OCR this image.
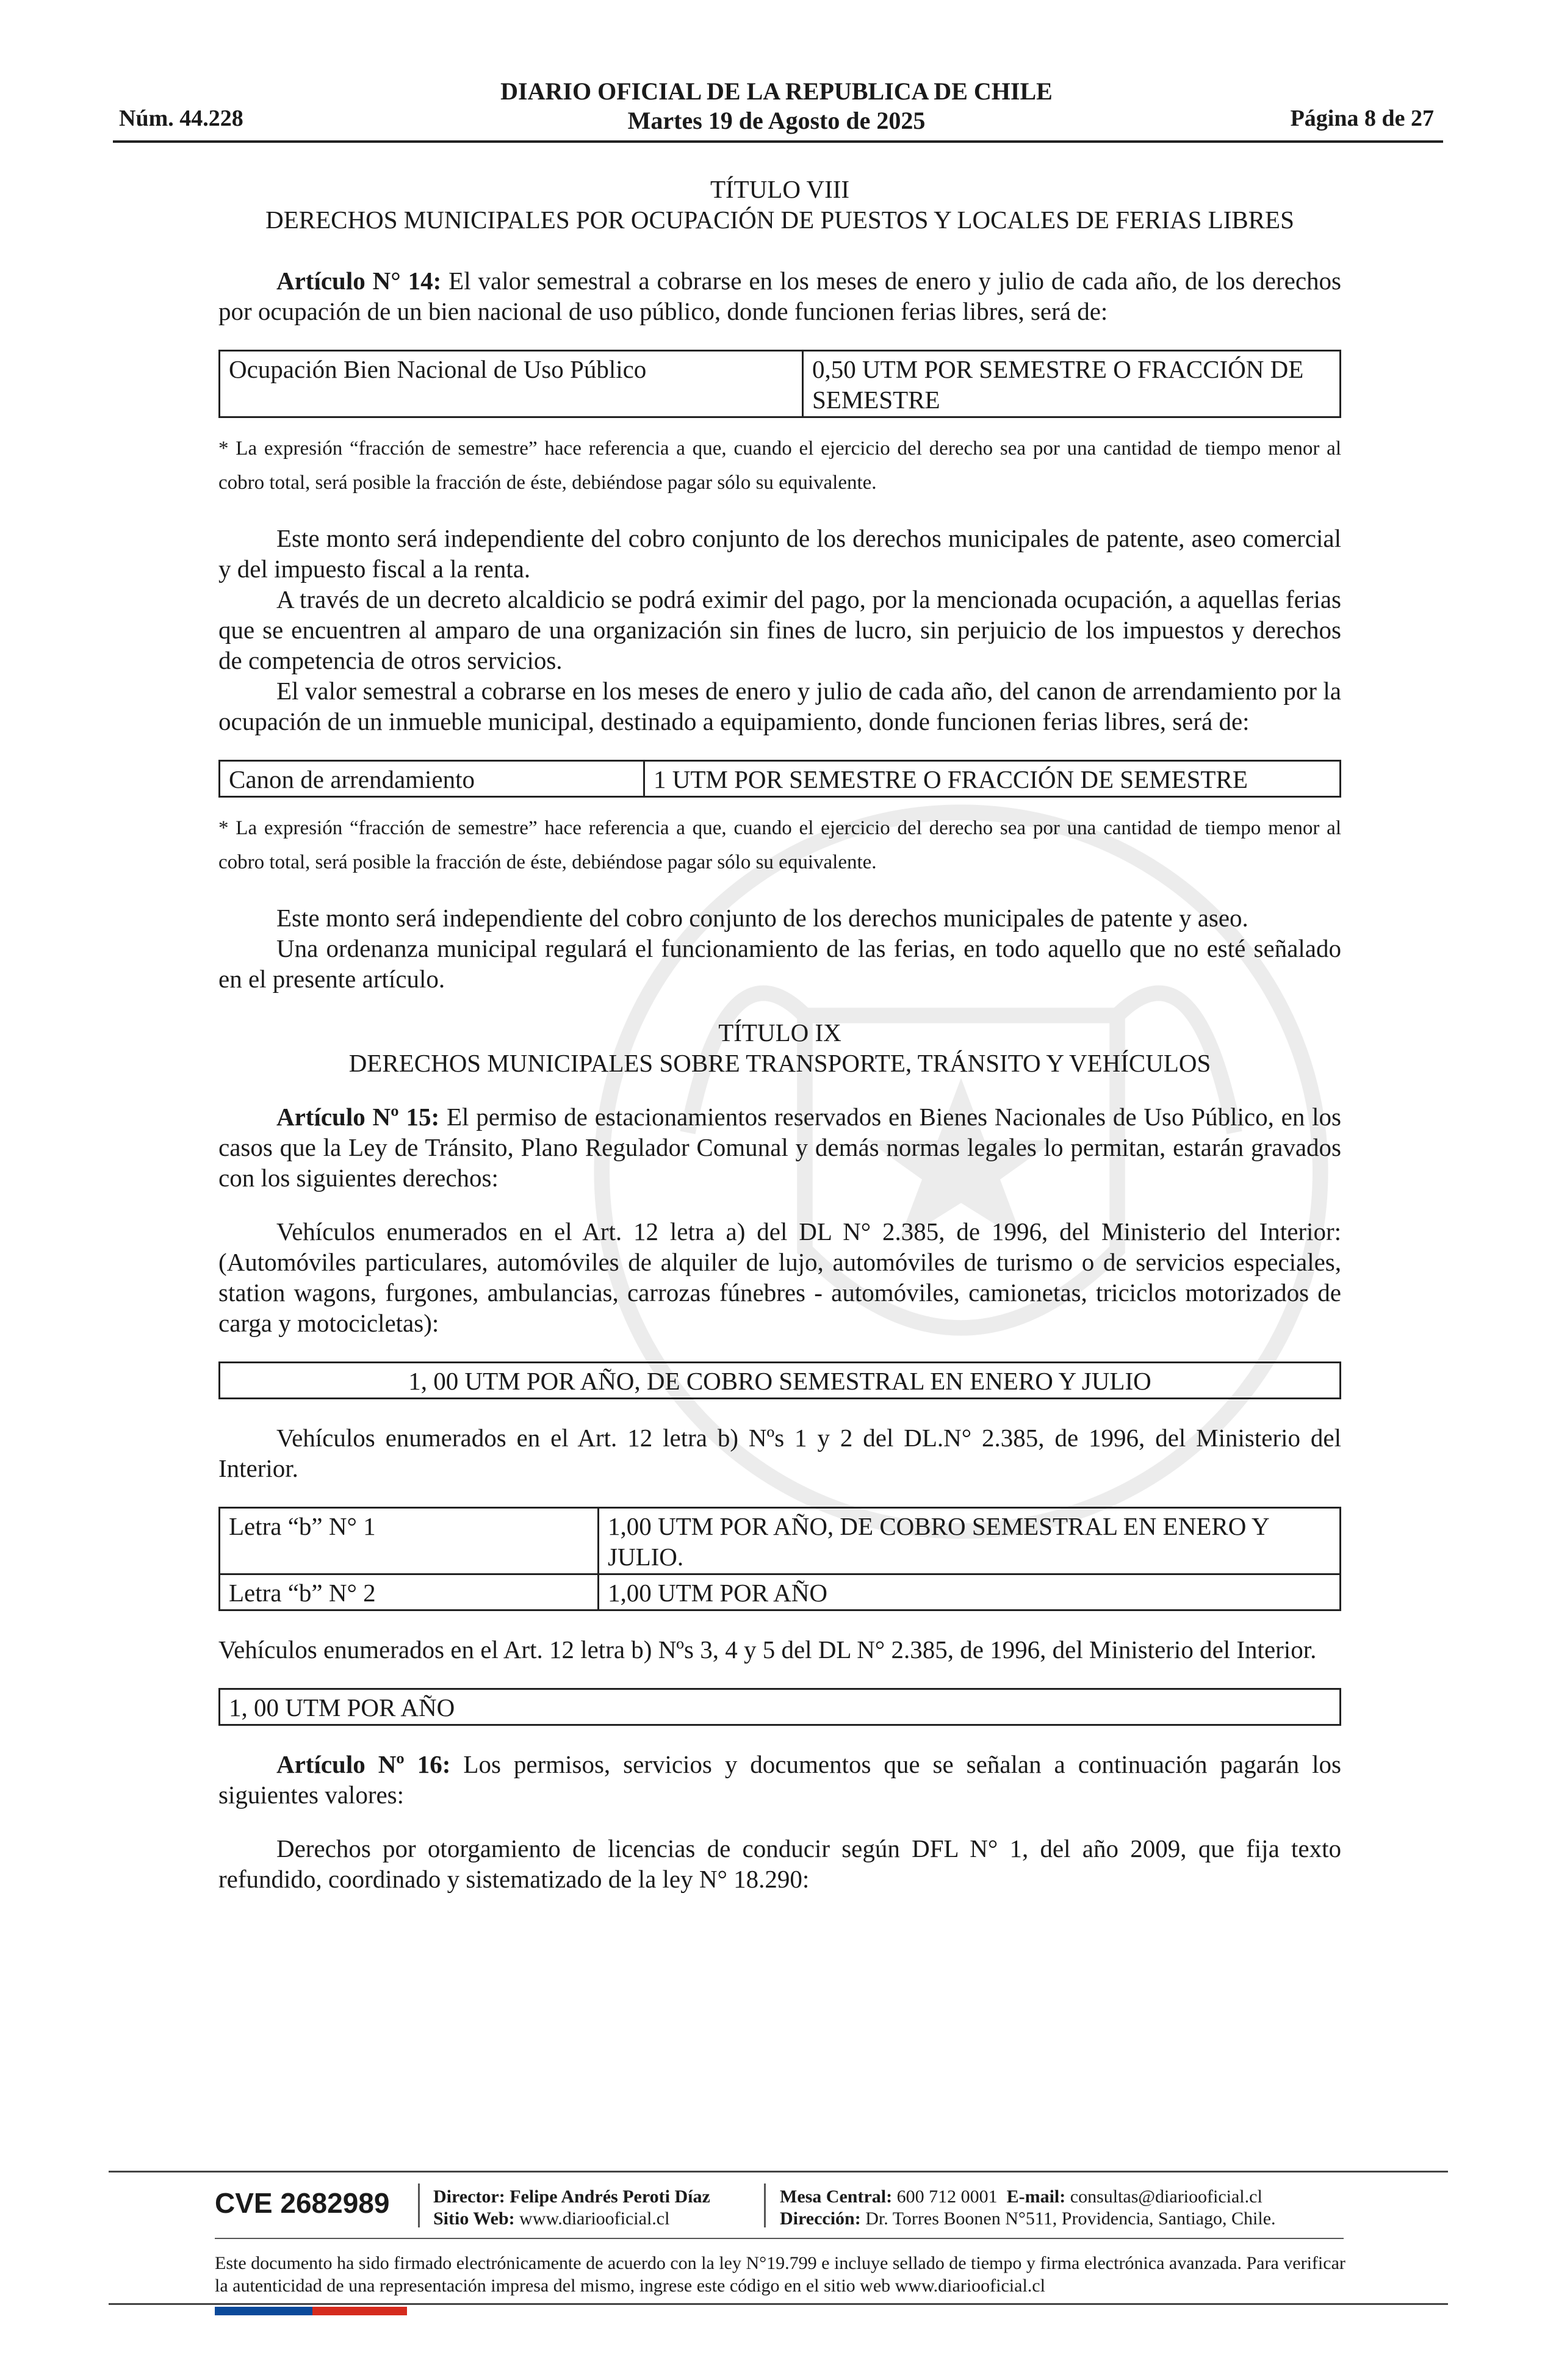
Núm. 44.228
DIARIO OFICIAL DE LA REPUBLICA DE CHILE
Martes 19 de Agosto de 2025	Página 8 de 27

TÍTULO VIII

DERECHOS MUNICIPALES POR OCUPACIÓN DE PUESTOS Y LOCALES DE FERIAS LIBRES

Artículo N° 14: El valor semestral a cobrarse en los meses de enero y julio de cada año, de los derechos por ocupación de un bien nacional de uso público, donde funcionen ferias libres, será de:

Ocupación Bien Nacional de Uso Público	0,50 UTM POR SEMESTRE O FRACCIÓN DE SEMESTRE

* La expresión “fracción de semestre” hace referencia a que, cuando el ejercicio del derecho sea por una cantidad de tiempo menor al cobro total, será posible la fracción de éste, debiéndose pagar sólo su equivalente.

Este monto será independiente del cobro conjunto de los derechos municipales de patente, aseo comercial y del impuesto fiscal a la renta.

A través de un decreto alcaldicio se podrá eximir del pago, por la mencionada ocupación, a aquellas ferias que se encuentren al amparo de una organización sin fines de lucro, sin perjuicio de los impuestos y derechos de competencia de otros servicios.

El valor semestral a cobrarse en los meses de enero y julio de cada año, del canon de arrendamiento por la ocupación de un inmueble municipal, destinado a equipamiento, donde funcionen ferias libres, será de:

Canon de arrendamiento	1 UTM POR SEMESTRE O FRACCIÓN DE SEMESTRE

* La expresión “fracción de semestre” hace referencia a que, cuando el ejercicio del derecho sea por una cantidad de tiempo menor al cobro total, será posible la fracción de éste, debiéndose pagar sólo su equivalente.

Este monto será independiente del cobro conjunto de los derechos municipales de patente y aseo.

Una ordenanza municipal regulará el funcionamiento de las ferias, en todo aquello que no esté señalado en el presente artículo.

TÍTULO IX

DERECHOS MUNICIPALES SOBRE TRANSPORTE, TRÁNSITO Y VEHÍCULOS

Artículo Nº 15: El permiso de estacionamientos reservados en Bienes Nacionales de Uso Público, en los casos que la Ley de Tránsito, Plano Regulador Comunal y demás normas legales lo permitan, estarán gravados con los siguientes derechos:

Vehículos enumerados en el Art. 12 letra a) del DL N° 2.385, de 1996, del Ministerio del Interior: (Automóviles particulares, automóviles de alquiler de lujo, automóviles de turismo o de servicios especiales, station wagons, furgones, ambulancias, carrozas fúnebres - automóviles, camionetas, triciclos motorizados de carga y motocicletas):

1, 00 UTM POR AÑO, DE COBRO SEMESTRAL EN ENERO Y JULIO

Vehículos enumerados en el Art. 12 letra b) Nºs 1 y 2 del DL.N° 2.385, de 1996, del Ministerio del Interior.

Letra “b” N° 1	1,00 UTM POR AÑO, DE COBRO SEMESTRAL EN ENERO Y JULIO.
Letra “b” N° 2	1,00 UTM POR AÑO

Vehículos enumerados en el Art. 12 letra b) Nºs 3, 4 y 5 del DL N° 2.385, de 1996, del Ministerio del Interior.

1, 00 UTM POR AÑO

Artículo Nº 16: Los permisos, servicios y documentos que se señalan a continuación pagarán los siguientes valores:

Derechos por otorgamiento de licencias de conducir según DFL N° 1, del año 2009, que fija texto refundido, coordinado y sistematizado de la ley N° 18.290:

CVE 2682989 Director: Felipe Andrés Peroti Díaz
Sitio Web: www.diariooficial.cl
Mesa Central: 600 712 0001 E-mail: consultas@diariooficial.cl
Dirección: Dr. Torres Boonen N°511, Providencia, Santiago, Chile.
Este documento ha sido firmado electrónicamente de acuerdo con la ley N°19.799 e incluye sellado de tiempo y firma electrónica avanzada. Para verificar la autenticidad de una representación impresa del mismo, ingrese este código en el sitio web www.diariooficial.cl
